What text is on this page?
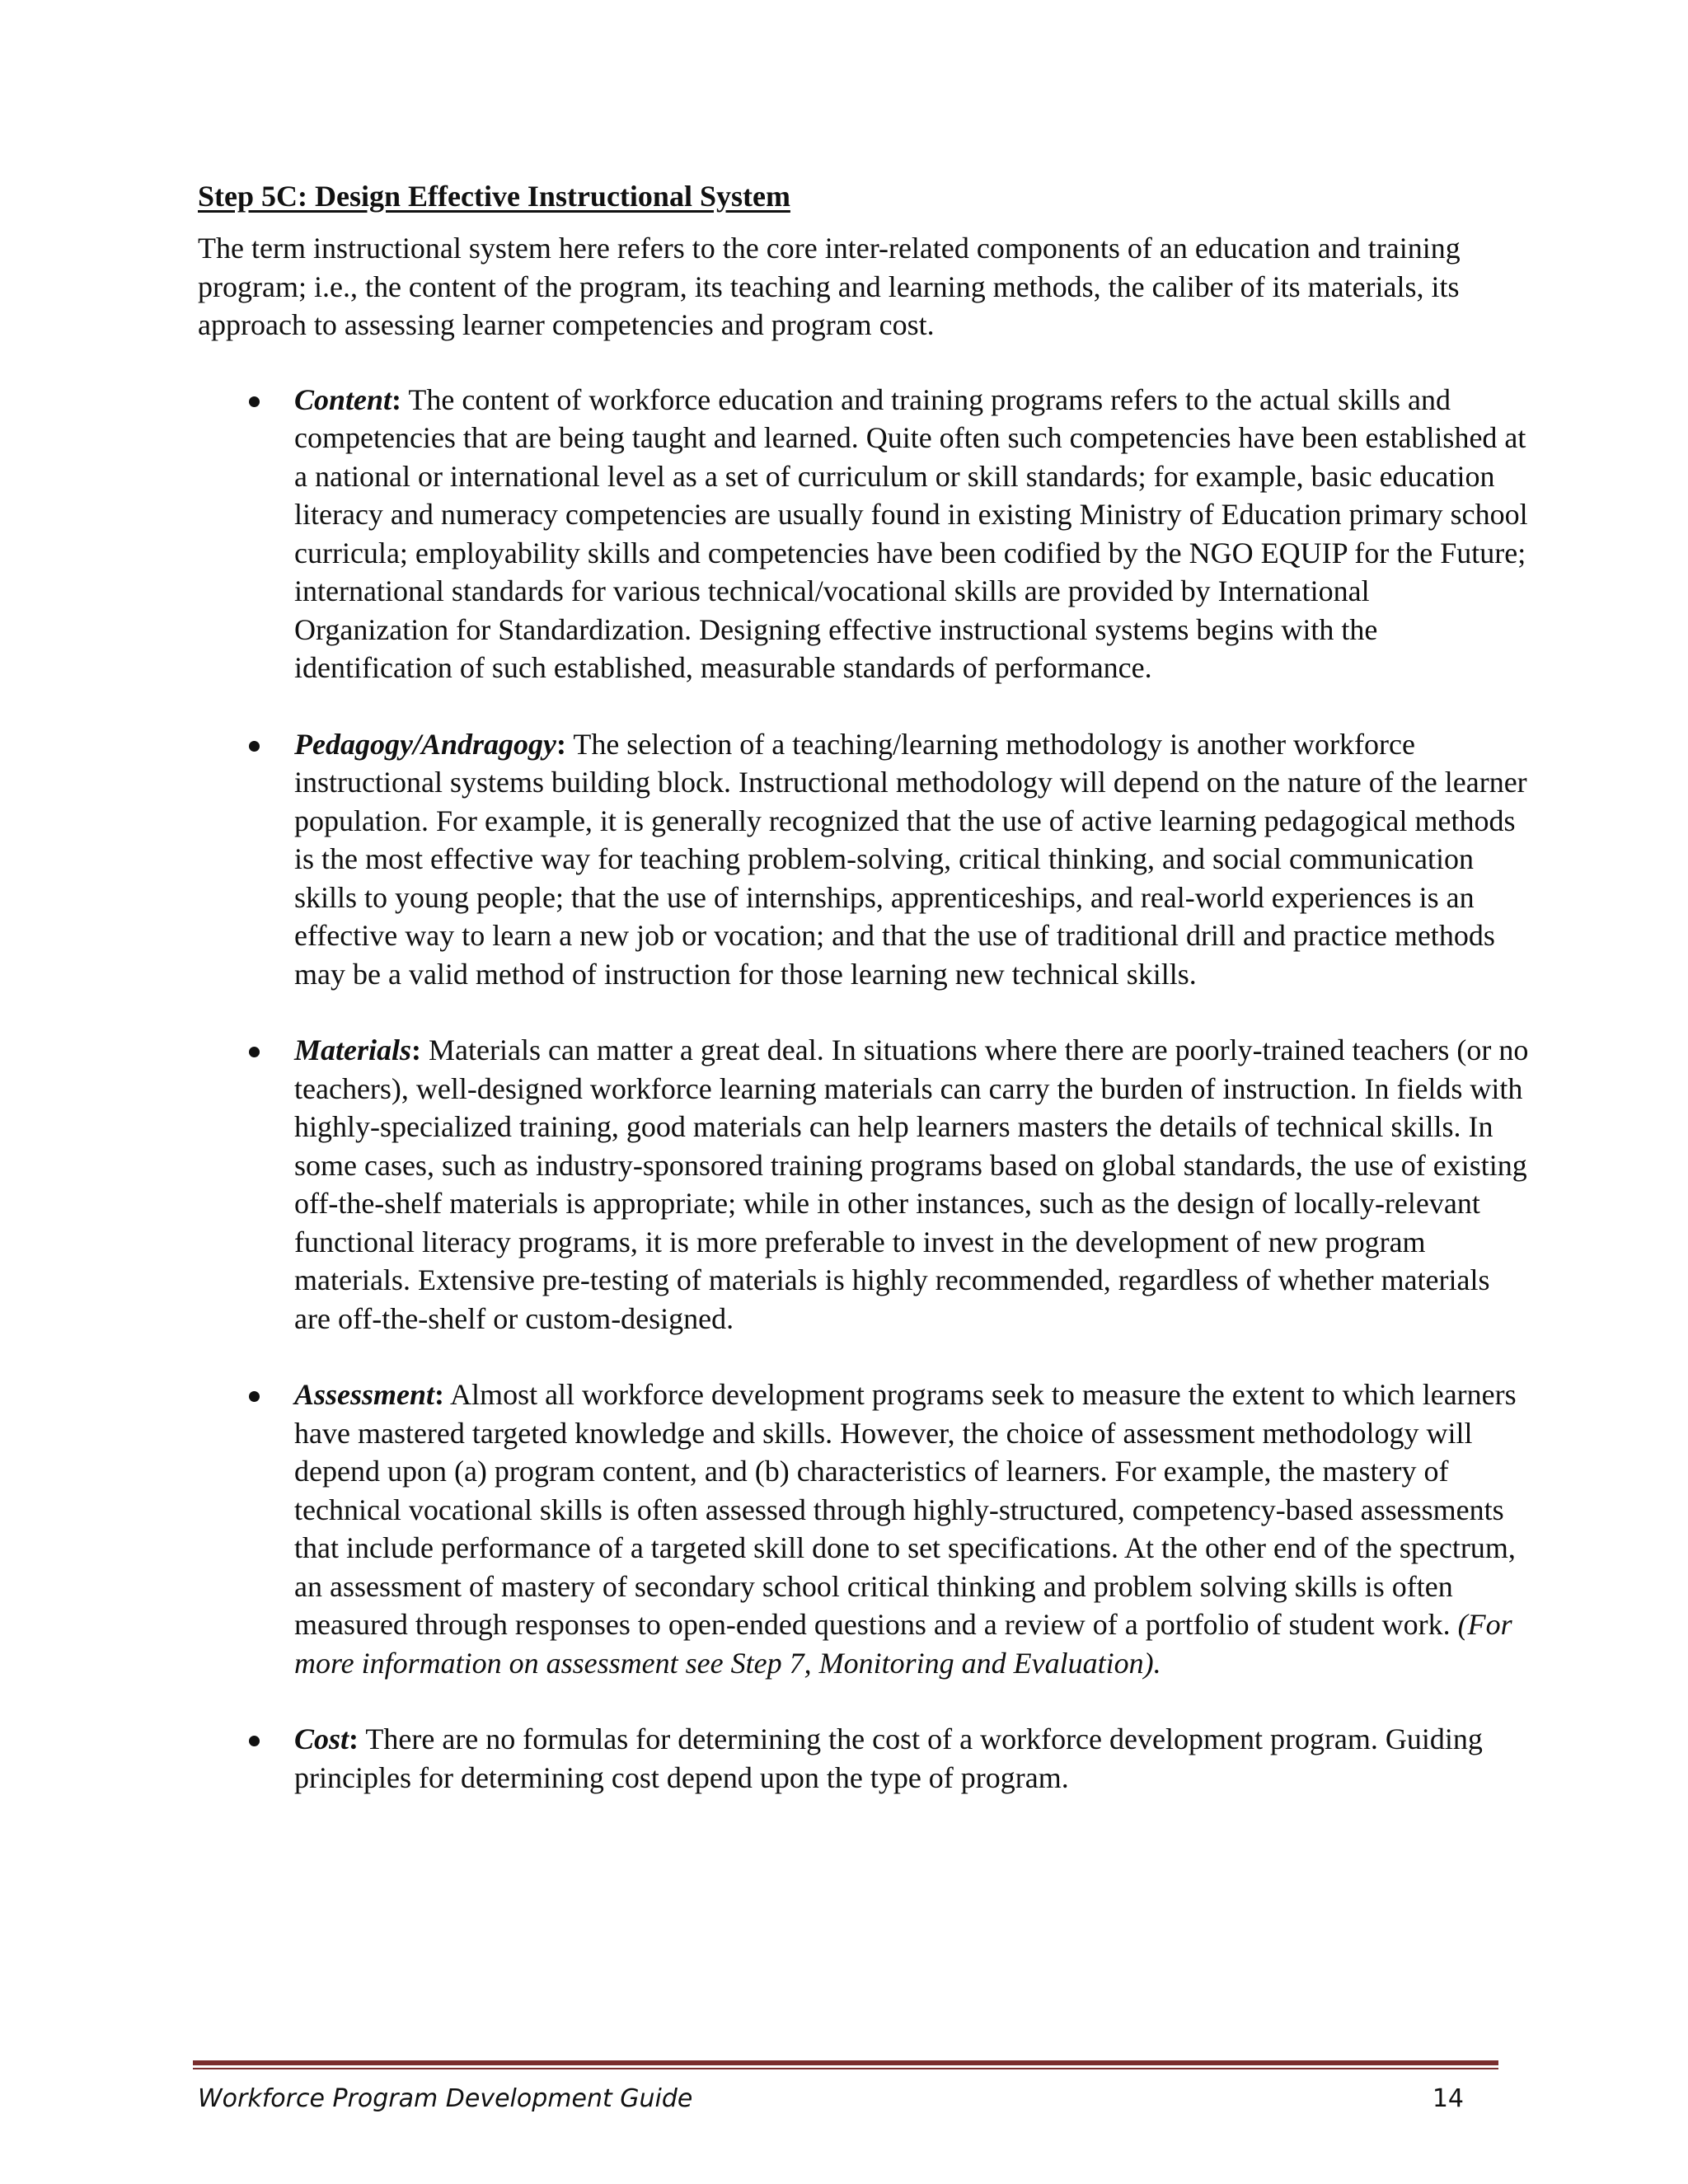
Step 5C: Design Effective Instructional System

The term instructional system here refers to the core inter-related components of an education and training program; i.e., the content of the program, its teaching and learning methods, the caliber of its materials, its approach to assessing learner competencies and program cost.

Content: The content of workforce education and training programs refers to the actual skills and competencies that are being taught and learned. Quite often such competencies have been established at a national or international level as a set of curriculum or skill standards; for example, basic education literacy and numeracy competencies are usually found in existing Ministry of Education primary school curricula; employability skills and competencies have been codified by the NGO EQUIP for the Future; international standards for various technical/vocational skills are provided by International Organization for Standardization. Designing effective instructional systems begins with the identification of such established, measurable standards of performance.
Pedagogy/Andragogy: The selection of a teaching/learning methodology is another workforce instructional systems building block. Instructional methodology will depend on the nature of the learner population. For example, it is generally recognized that the use of active learning pedagogical methods is the most effective way for teaching problem-solving, critical thinking, and social communication skills to young people; that the use of internships, apprenticeships, and real-world experiences is an effective way to learn a new job or vocation; and that the use of traditional drill and practice methods may be a valid method of instruction for those learning new technical skills.
Materials: Materials can matter a great deal. In situations where there are poorly-trained teachers (or no teachers), well-designed workforce learning materials can carry the burden of instruction. In fields with highly-specialized training, good materials can help learners masters the details of technical skills. In some cases, such as industry-sponsored training programs based on global standards, the use of existing off-the-shelf materials is appropriate; while in other instances, such as the design of locally-relevant functional literacy programs, it is more preferable to invest in the development of new program materials. Extensive pre-testing of materials is highly recommended, regardless of whether materials are off-the-shelf or custom-designed.
Assessment: Almost all workforce development programs seek to measure the extent to which learners have mastered targeted knowledge and skills. However, the choice of assessment methodology will depend upon (a) program content, and (b) characteristics of learners. For example, the mastery of technical vocational skills is often assessed through highly-structured, competency-based assessments that include performance of a targeted skill done to set specifications. At the other end of the spectrum, an assessment of mastery of secondary school critical thinking and problem solving skills is often measured through responses to open-ended questions and a review of a portfolio of student work. (For more information on assessment see Step 7, Monitoring and Evaluation).
Cost: There are no formulas for determining the cost of a workforce development program. Guiding principles for determining cost depend upon the type of program.
Workforce Program Development Guide	14
